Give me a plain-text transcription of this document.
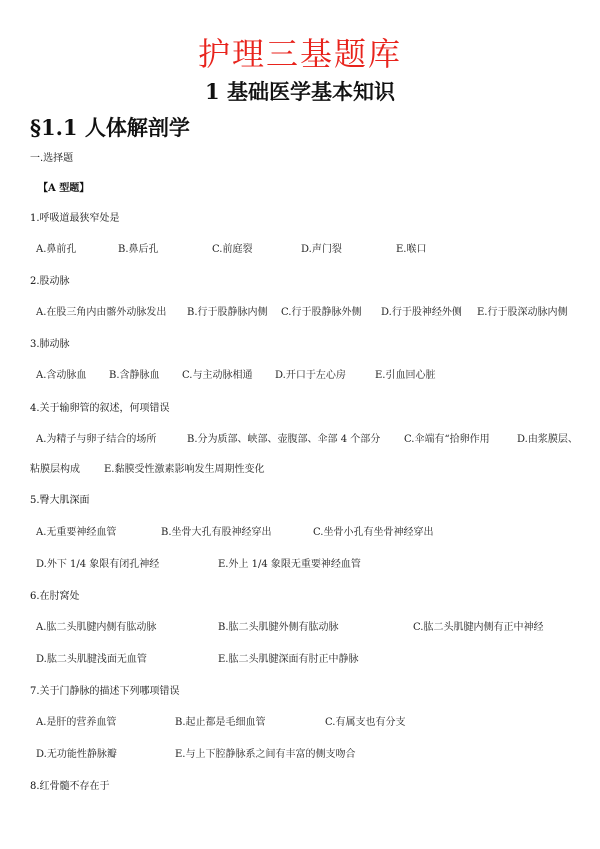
护理三基题库
1 基础医学基本知识
§1.1 人体解剖学
一.选择题
【A 型题】
1.呼吸道最狭窄处是
A.鼻前孔	B.鼻后孔	C.前庭裂	D.声门裂	E.喉口
2.股动脉
A.在股三角内由髂外动脉发出 B.行于股静脉内侧 C.行于股静脉外侧 D.行于股神经外侧 E.行于股深动脉内侧
3.肺动脉
A.含动脉血 B.含静脉血 C.与主动脉相通 D.开口于左心房	E.引血回心脏
4.关于输卵管的叙述，何项错误
A.为精子与卵子结合的场所	B.分为质部、峡部、壶腹部、伞部 4 个部分 C.伞端有“拾卵作用	D.由浆膜层、
粘膜层构成 E.黏膜受性激素影响发生周期性变化
5.臀大肌深面
A.无重要神经血管	B.坐骨大孔有股神经穿出	C.坐骨小孔有坐骨神经穿出
D.外下 1/4 象限有闭孔神经	E.外上 1/4 象限无重要神经血管
6.在肘窝处
A.肱二头肌腱内侧有肱动脉	B.肱二头肌腱外侧有肱动脉	C.肱二头肌腱内侧有正中神经
D.肱二头肌腱浅面无血管	E.肱二头肌腱深面有肘正中静脉
7.关于门静脉的描述下列哪项错误
A.是肝的营养血管	B.起止都是毛细血管	C.有属支也有分支
D.无功能性静脉瓣	E.与上下腔静脉系之间有丰富的侧支吻合
8.红骨髓不存在于
